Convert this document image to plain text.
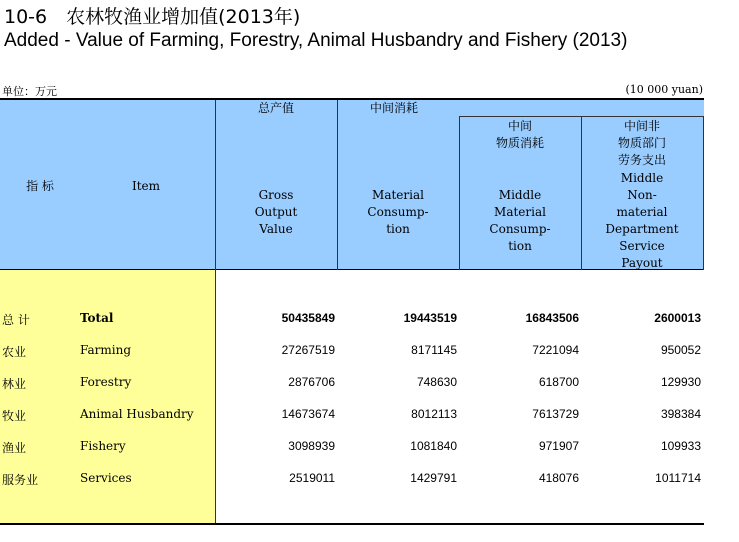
10-6　农林牧渔业增加值(2013年)
Added - Value of Farming, Forestry, Animal Husbandry and Fishery (2013)
单位：万元	(10 000 yuan)
指 标	Item
总产值
Gross
Output
Value
中间消耗
Material
Consump-
tion
中间
物质消耗
Middle
Material
Consump-
tion
中间非
物质部门
劳务支出
Middle
Non-
material
Department
Service
Payout
总 计	Total	50435849	19443519	16843506	2600013
农业	Farming	27267519	8171145	7221094	950052
林业	Forestry	2876706	748630	618700	129930
牧业	Animal Husbandry	14673674	8012113	7613729	398384
渔业	Fishery	3098939	1081840	971907	109933
服务业	Services	2519011	1429791	418076	1011714
